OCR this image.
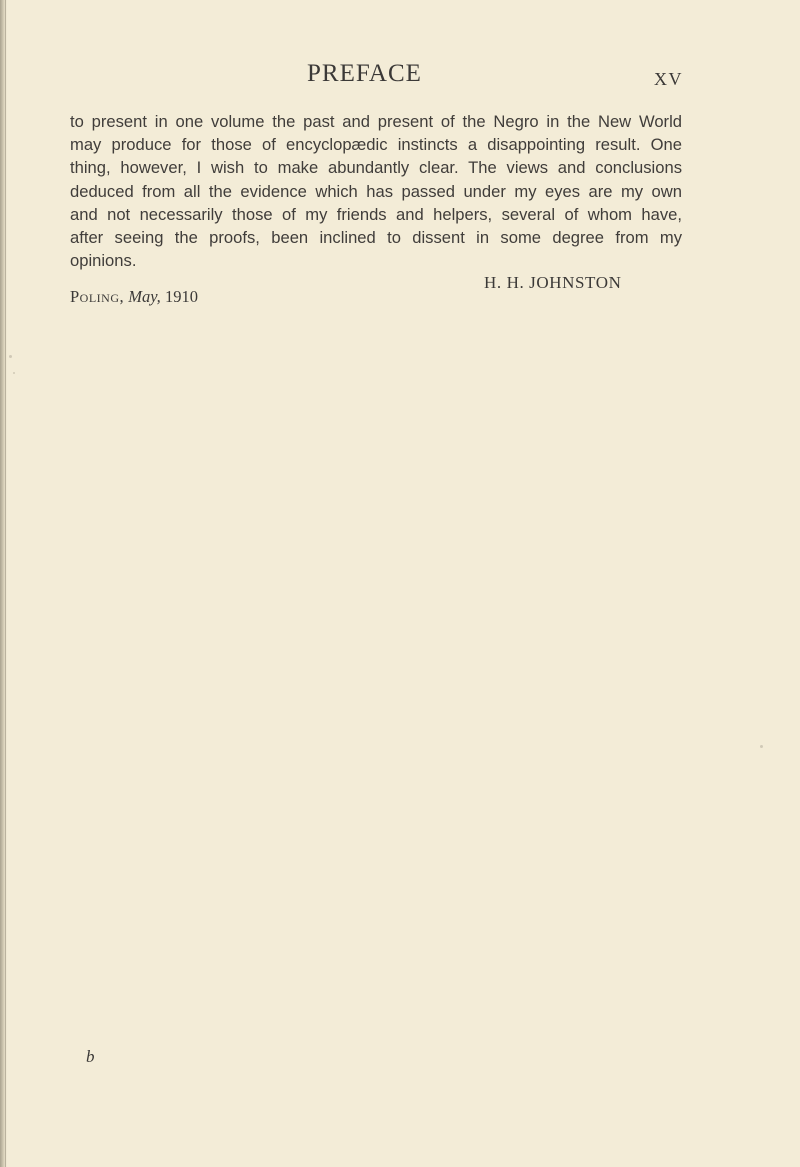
PREFACE	XV
to present in one volume the past and present of the Negro in the New World
may produce for those of encyclopædic instincts a disappointing result. One
thing, however, I wish to make abundantly clear. The views and conclusions
deduced from all the evidence which has passed under my eyes are my own
and not necessarily those of my friends and helpers, several of whom have,
after seeing the proofs, been inclined to dissent in some degree from my
opinions.
H. H. JOHNSTON
Poling, May, 1910
b
